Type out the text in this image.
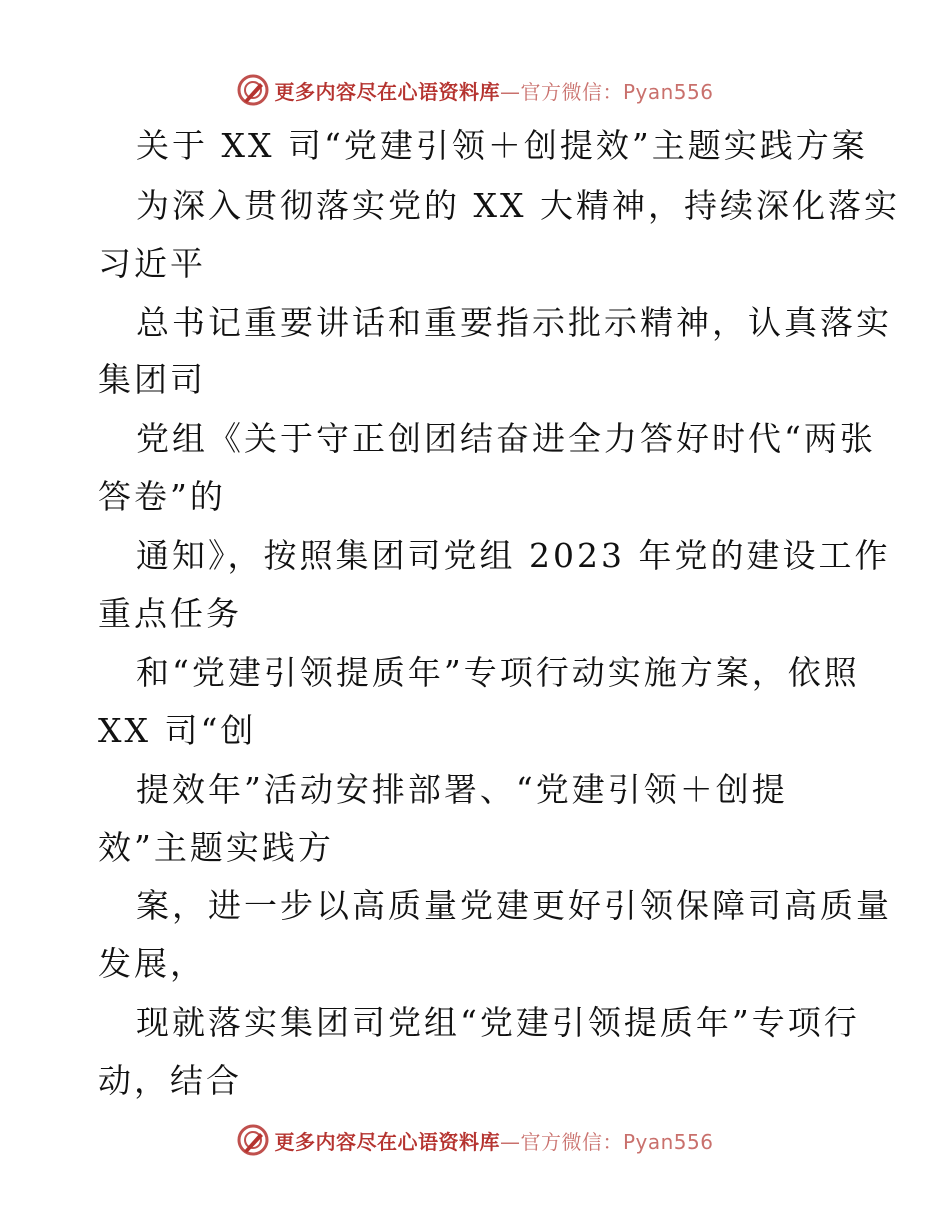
更多内容尽在心语资料库—官方微信：Pyan556
关于 XX 司“党建引领＋创提效”主题实践方案
为深入贯彻落实党的 XX 大精神，持续深化落实
习近平
总书记重要讲话和重要指示批示精神，认真落实
集团司
党组《关于守正创团结奋进全力答好时代“两张
答卷”的
通知》，按照集团司党组 2023 年党的建设工作
重点任务
和“党建引领提质年”专项行动实施方案，依照
XX 司“创
提效年”活动安排部署、“党建引领＋创提
效”主题实践方
案，进一步以高质量党建更好引领保障司高质量
发展，
现就落实集团司党组“党建引领提质年”专项行
动，结合
更多内容尽在心语资料库—官方微信：Pyan556
